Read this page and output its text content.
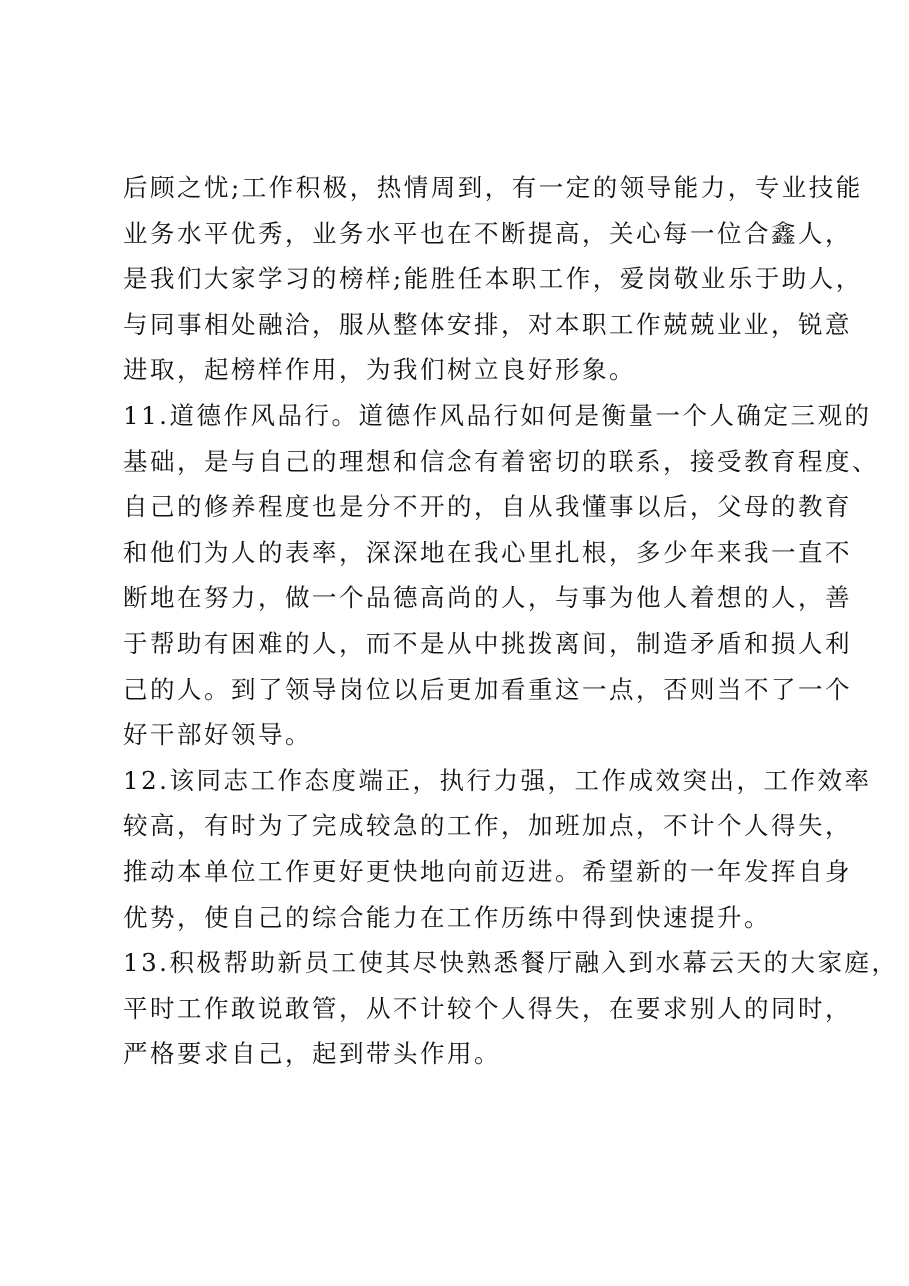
后顾之忧;工作积极，热情周到，有一定的领导能力，专业技能
业务水平优秀，业务水平也在不断提高，关心每一位合鑫人，
是我们大家学习的榜样;能胜任本职工作，爱岗敬业乐于助人，
与同事相处融洽，服从整体安排，对本职工作兢兢业业，锐意
进取，起榜样作用，为我们树立良好形象。
11.道德作风品行。道德作风品行如何是衡量一个人确定三观的
基础，是与自己的理想和信念有着密切的联系，接受教育程度、
自己的修养程度也是分不开的，自从我懂事以后，父母的教育
和他们为人的表率，深深地在我心里扎根，多少年来我一直不
断地在努力，做一个品德高尚的人，与事为他人着想的人，善
于帮助有困难的人，而不是从中挑拨离间，制造矛盾和损人利
己的人。到了领导岗位以后更加看重这一点，否则当不了一个
好干部好领导。
12.该同志工作态度端正，执行力强，工作成效突出，工作效率
较高，有时为了完成较急的工作，加班加点，不计个人得失，
推动本单位工作更好更快地向前迈进。希望新的一年发挥自身
优势，使自己的综合能力在工作历练中得到快速提升。
13.积极帮助新员工使其尽快熟悉餐厅融入到水幕云天的大家庭，
平时工作敢说敢管，从不计较个人得失，在要求别人的同时，
严格要求自己，起到带头作用。
